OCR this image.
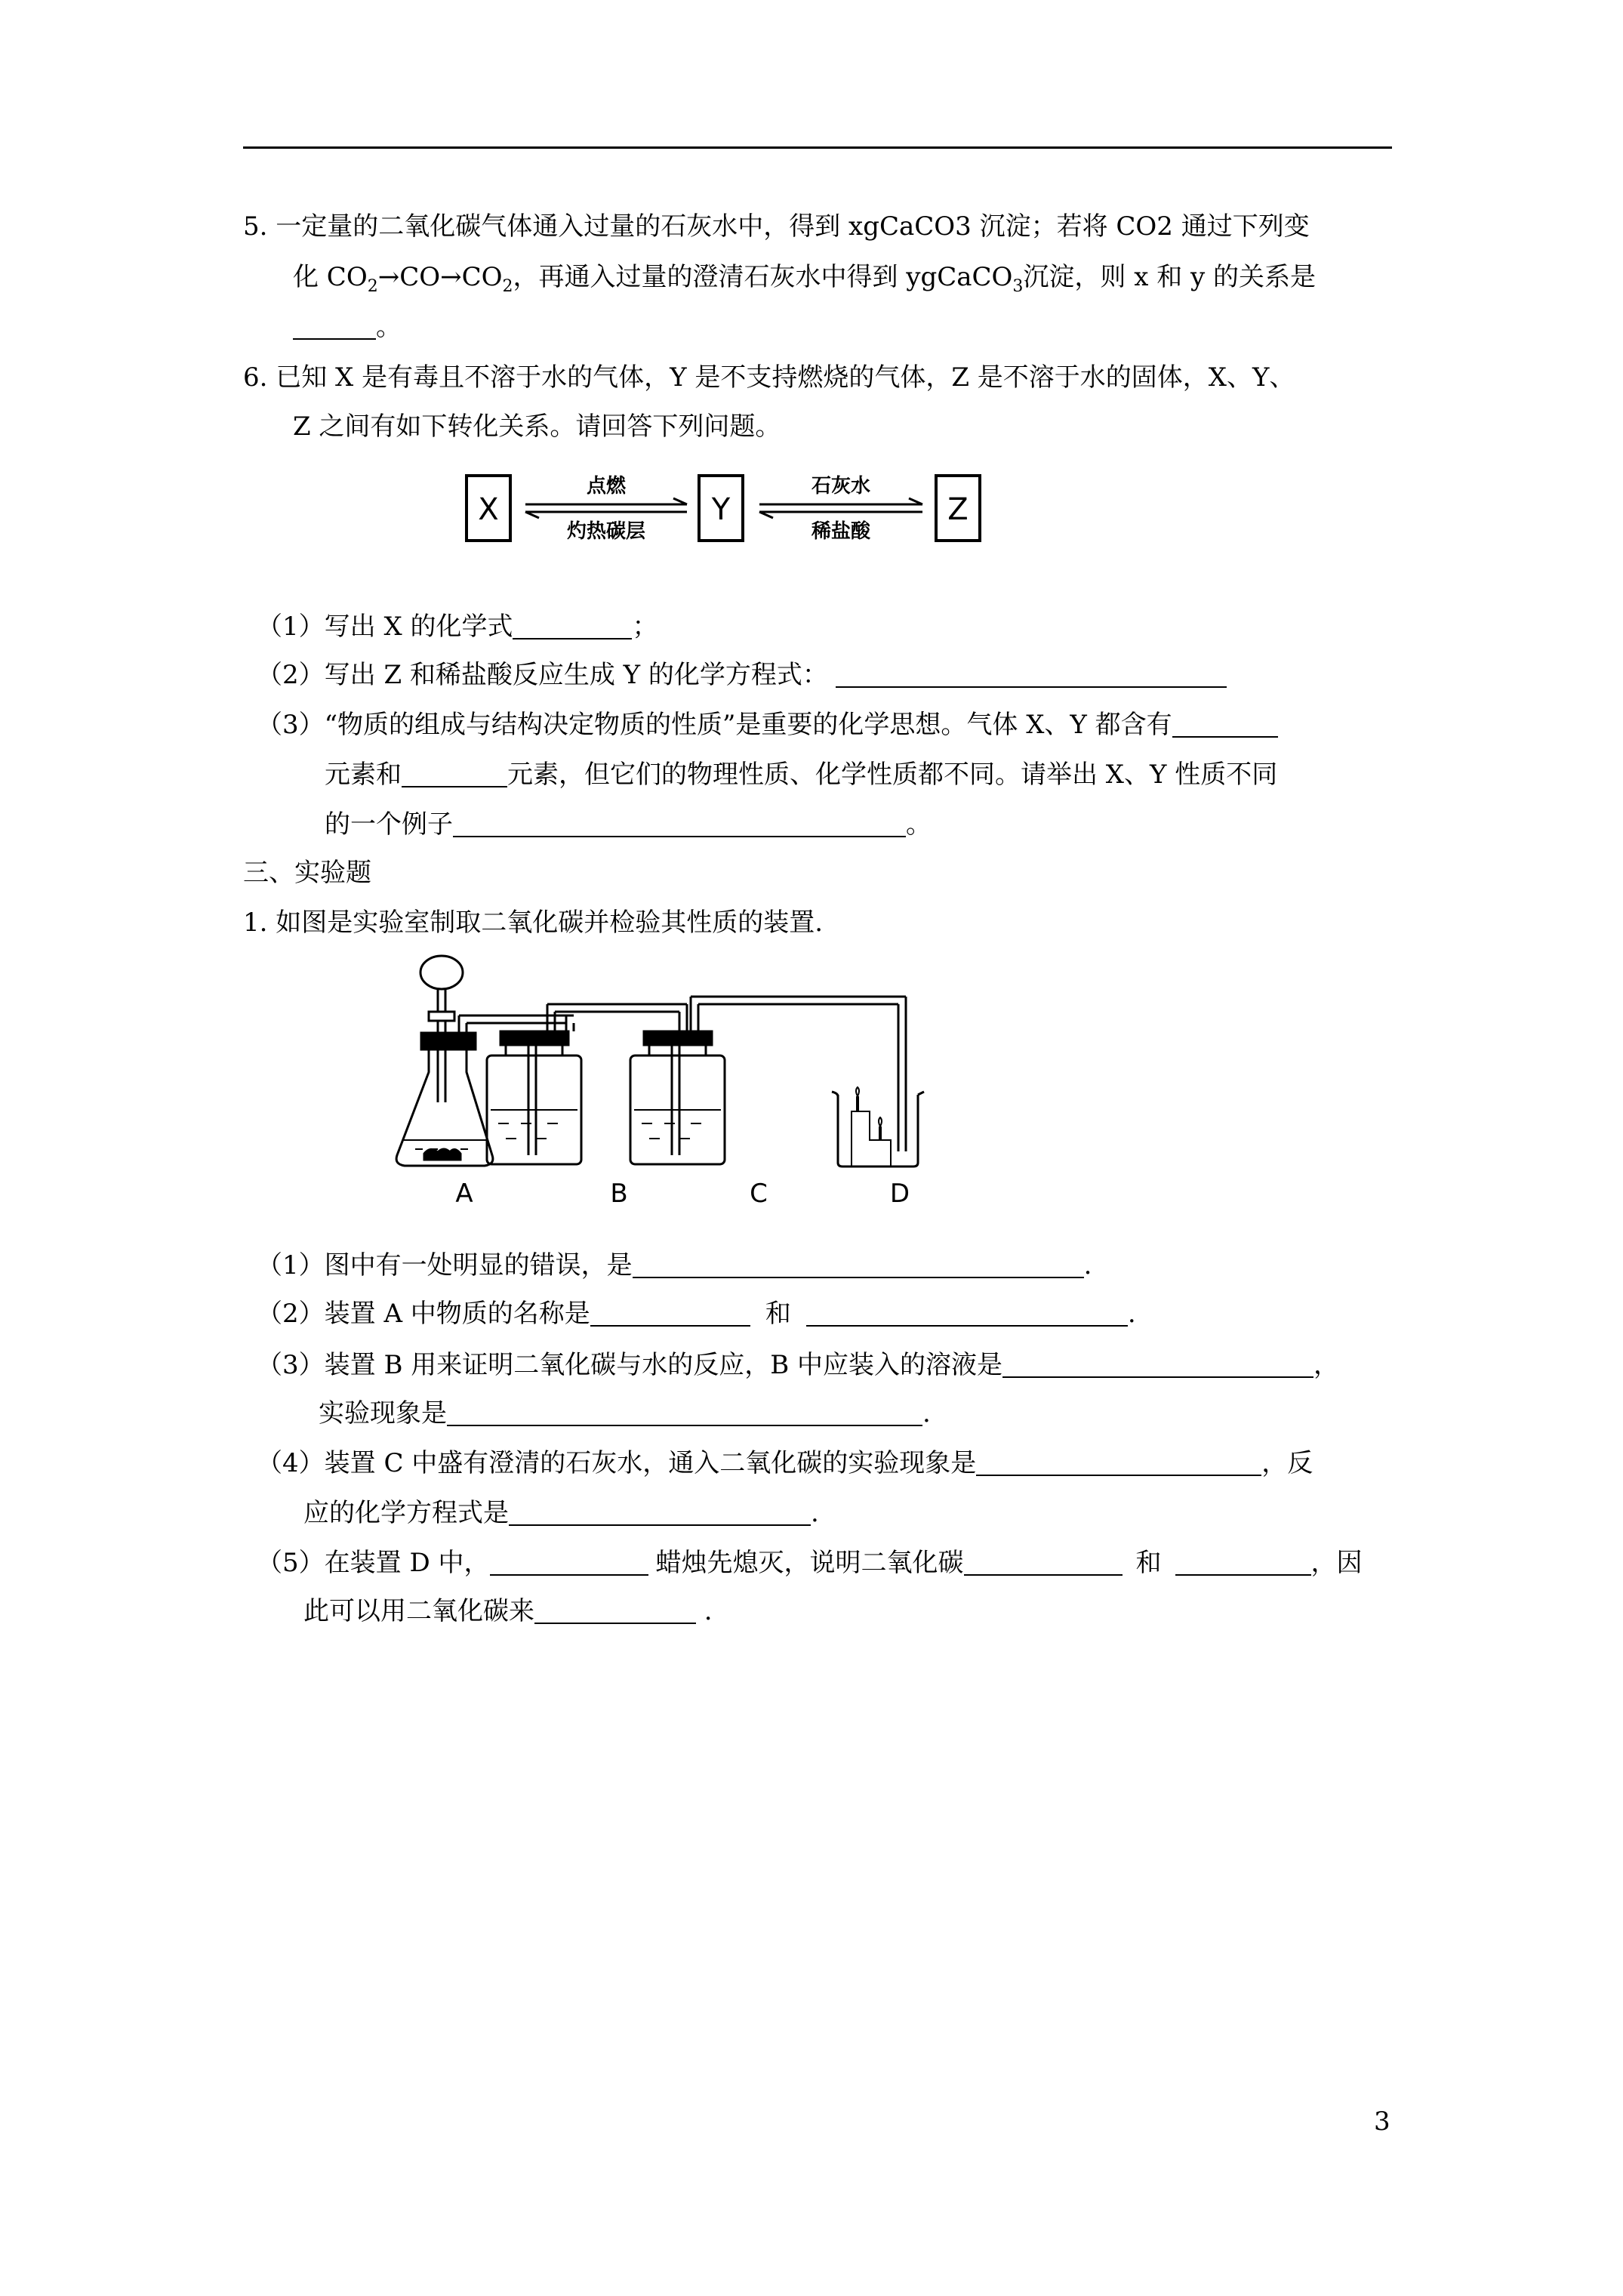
5. 一定量的二氧化碳气体通入过量的石灰水中，得到 xgCaCO3 沉淀；若将 CO2 通过下列变
化 $CO_2\to CO\to CO_2$，再通入过量的澄清石灰水中得到 ygCaCO$_3$沉淀，则 x 和 y 的关系是
。
6. 已知 X 是有毒且不溶于水的气体，Y 是不支持燃烧的气体，Z 是不溶于水的固体，X、Y、
Z 之间有如下转化关系。请回答下列问题。
X	Y	Z
点燃
灼热碳层
石灰水
稀盐酸
（1）写出 X 的化学式	；
（2）写出 Z 和稀盐酸反应生成 Y 的化学方程式：
（3）“物质的组成与结构决定物质的性质”是重要的化学思想。气体 X、Y 都含有
元素和	元素，但它们的物理性质、化学性质都不同。请举出 X、Y 性质不同
的一个例子	。
三、实验题
1. 如图是实验室制取二氧化碳并检验其性质的装置.
A	B	C	D
（1）图中有一处明显的错误，是	.
（2）装置 A 中物质的名称是	和	.
（3）装置 B 用来证明二氧化碳与水的反应，B 中应装入的溶液是	，
实验现象是	.
（4）装置 C 中盛有澄清的石灰水，通入二氧化碳的实验现象是	，反
应的化学方程式是	.
（5）在装置 D 中，	蜡烛先熄灭，说明二氧化碳	和	，因
此可以用二氧化碳来	.
3
